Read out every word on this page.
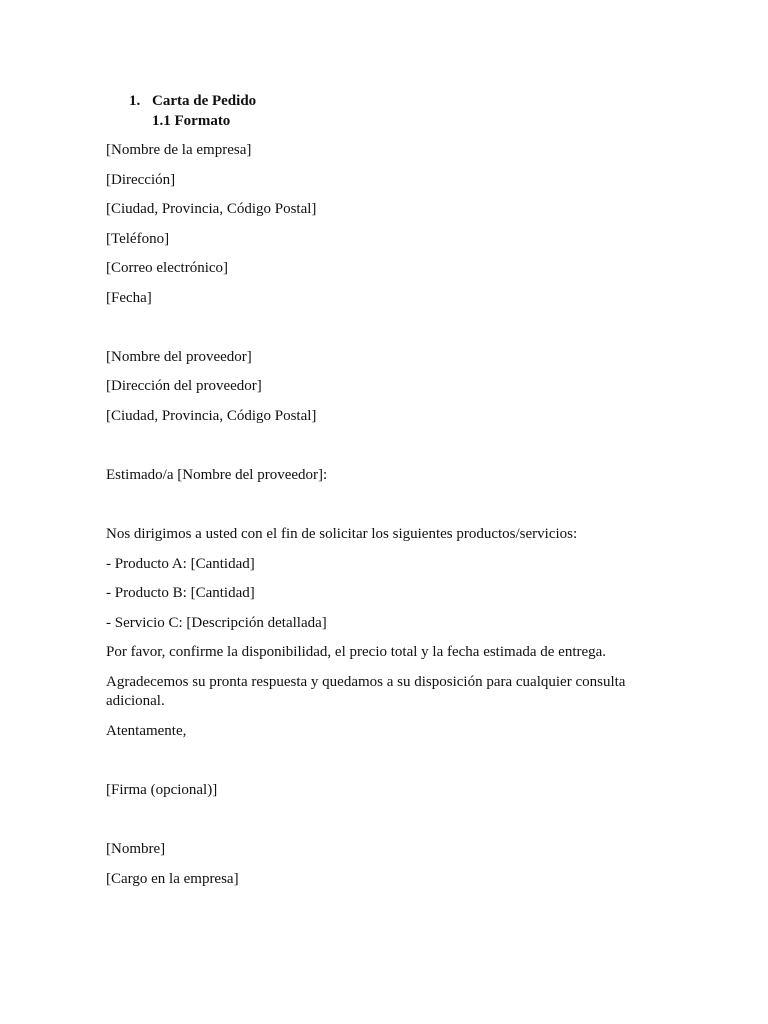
1. Carta de Pedido
1.1 Formato
[Nombre de la empresa]
[Dirección]
[Ciudad, Provincia, Código Postal]
[Teléfono]
[Correo electrónico]
[Fecha]
[Nombre del proveedor]
[Dirección del proveedor]
[Ciudad, Provincia, Código Postal]
Estimado/a [Nombre del proveedor]:
Nos dirigimos a usted con el fin de solicitar los siguientes productos/servicios:
- Producto A: [Cantidad]
- Producto B: [Cantidad]
- Servicio C: [Descripción detallada]
Por favor, confirme la disponibilidad, el precio total y la fecha estimada de entrega.
Agradecemos su pronta respuesta y quedamos a su disposición para cualquier consulta adicional.
Atentamente,
[Firma (opcional)]
[Nombre]
[Cargo en la empresa]
